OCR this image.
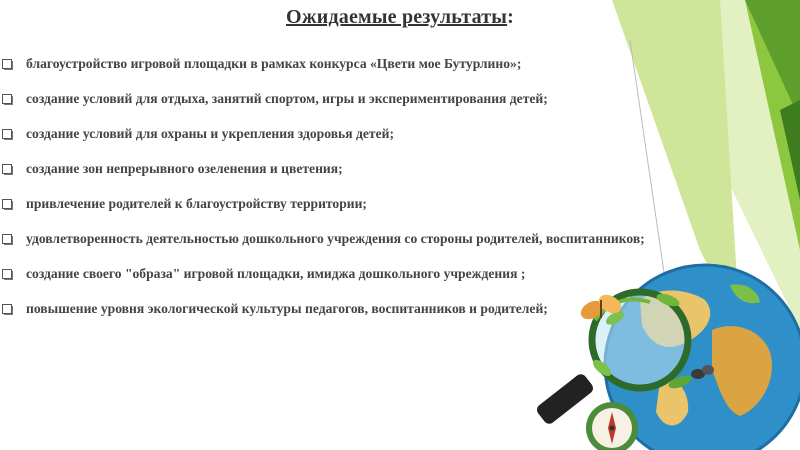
Ожидаемые результаты:
благоустройство игровой площадки в рамках конкурса «Цвети мое Бутурлино»;
создание условий для отдыха, занятий спортом, игры и экспериментирования детей;
создание условий для охраны и укрепления здоровья детей;
создание зон непрерывного озеленения и цветения;
привлечение родителей к благоустройству территории;
удовлетворенность деятельностью дошкольного учреждения со стороны родителей, воспитанников;
создание своего "образа" игровой площадки, имиджа дошкольного учреждения ;
повышение уровня экологической культуры педагогов, воспитанников и родителей;
